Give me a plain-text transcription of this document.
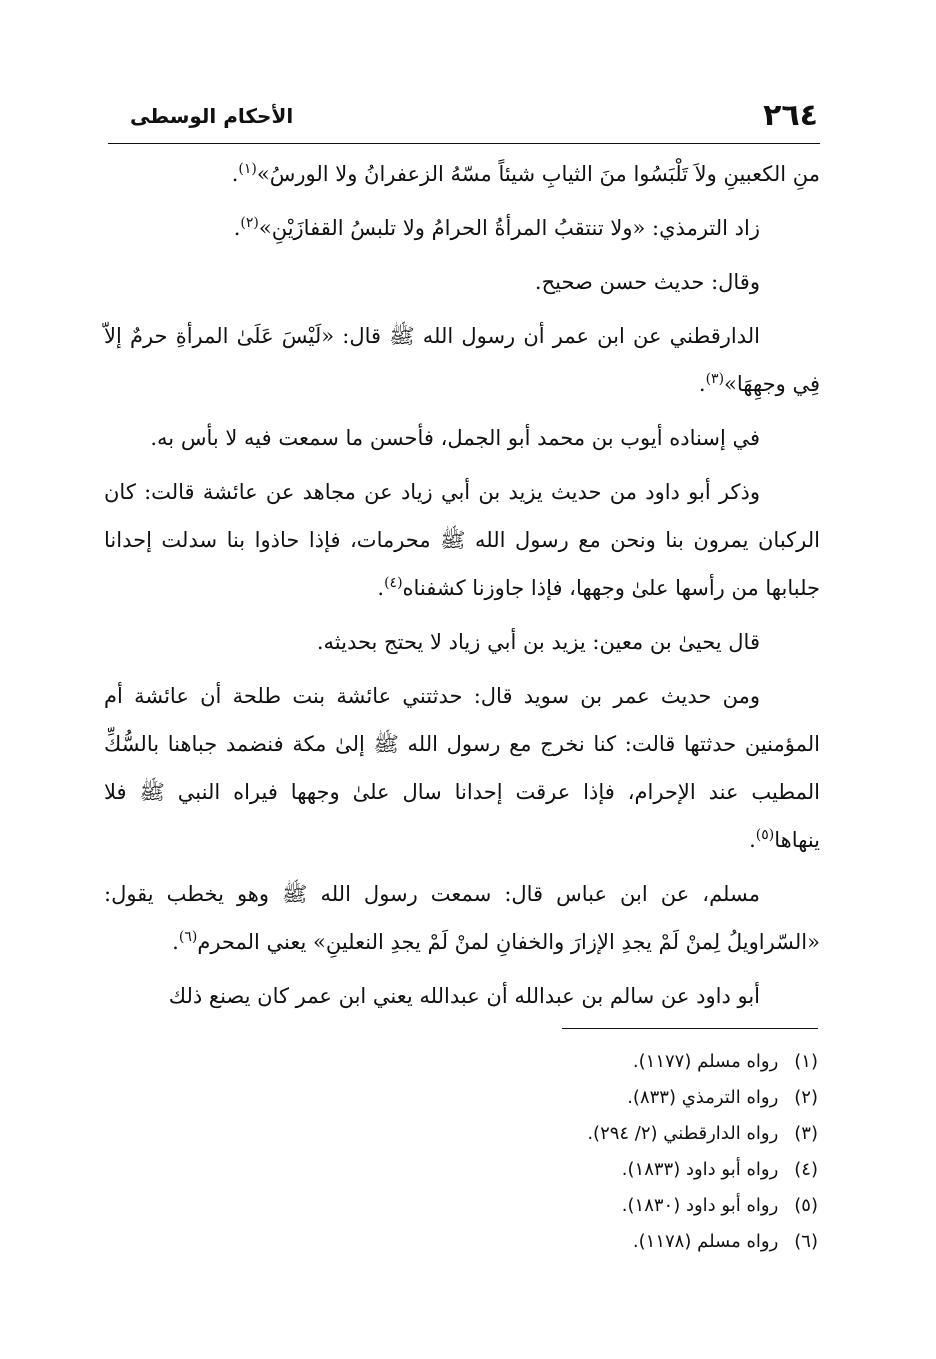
٢٦٤
الأحكام الوسطى

منِ الكعبينِ ولاَ تَلْبَسُوا منَ الثيابِ شيئاً مسّهُ الزعفرانُ ولا الورسُ»$^{(١)}$.

زاد الترمذي: «ولا تنتقبُ المرأةُ الحرامُ ولا تلبسُ القفازَيْنِ»$^{(٢)}$.

وقال: حديث حسن صحيح.

الدارقطني عن ابن عمر أن رسول الله ﷺ قال: «لَيْسَ عَلَىٰ المرأةِ حرمٌ إلاّ فِي وجهِهَا»$^{(٣)}$.

في إسناده أيوب بن محمد أبو الجمل، فأحسن ما سمعت فيه لا بأس به.

وذكر أبو داود من حديث يزيد بن أبي زياد عن مجاهد عن عائشة قالت: كان الركبان يمرون بنا ونحن مع رسول الله ﷺ محرمات، فإذا حاذوا بنا سدلت إحدانا جلبابها من رأسها علىٰ وجهها، فإذا جاوزنا كشفناه$^{(٤)}$.

قال يحيىٰ بن معين: يزيد بن أبي زياد لا يحتج بحديثه.

ومن حديث عمر بن سويد قال: حدثتني عائشة بنت طلحة أن عائشة أم المؤمنين حدثتها قالت: كنا نخرج مع رسول الله ﷺ إلىٰ مكة فنضمد جباهنا بالسُّكِّ المطيب عند الإحرام، فإذا عرقت إحدانا سال علىٰ وجهها فيراه النبي ﷺ فلا ينهاها$^{(٥)}$.

مسلم، عن ابن عباس قال: سمعت رسول الله ﷺ وهو يخطب يقول: «السّراويلُ لِمنْ لَمْ يجدِ الإزارَ والخفانِ لمنْ لَمْ يجدِ النعلينِ» يعني المحرم$^{(٦)}$.

أبو داود عن سالم بن عبدالله أن عبدالله يعني ابن عمر كان يصنع ذلك

(١) رواه مسلم (١١٧٧).
(٢) رواه الترمذي (٨٣٣).
(٣) رواه الدارقطني (٢/ ٢٩٤).
(٤) رواه أبو داود (١٨٣٣).
(٥) رواه أبو داود (١٨٣٠).
(٦) رواه مسلم (١١٧٨).
